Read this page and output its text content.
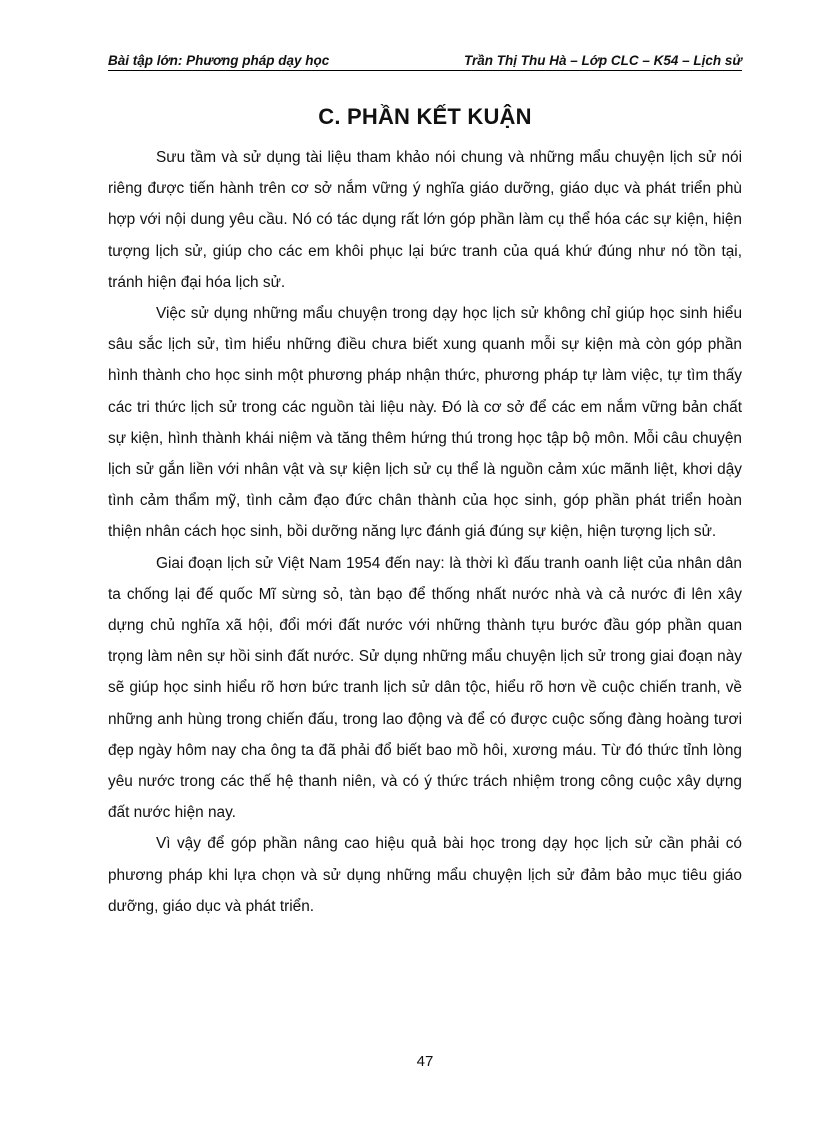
Bài tập lớn: Phương pháp dạy học	Trần Thị Thu Hà – Lớp CLC – K54 – Lịch sử
C. PHẦN KẾT KUẬN

Sưu tầm và sử dụng tài liệu tham khảo nói chung và những mẩu chuyện lịch sử nói riêng được tiến hành trên cơ sở nắm vững ý nghĩa giáo dưỡng, giáo dục và phát triển phù hợp với nội dung yêu cầu. Nó có tác dụng rất lớn góp phần làm cụ thể hóa các sự kiện, hiện tượng lịch sử, giúp cho các em khôi phục lại bức tranh của quá khứ đúng như nó tồn tại, tránh hiện đại hóa lịch sử.

Việc sử dụng những mẩu chuyện trong dạy học lịch sử không chỉ giúp học sinh hiểu sâu sắc lịch sử, tìm hiểu những điều chưa biết xung quanh mỗi sự kiện mà còn góp phần hình thành cho học sinh một phương pháp nhận thức, phương pháp tự làm việc, tự tìm thấy các tri thức lịch sử trong các nguồn tài liệu này. Đó là cơ sở để các em nắm vững bản chất sự kiện, hình thành khái niệm và tăng thêm hứng thú trong học tập bộ môn. Mỗi câu chuyện lịch sử gắn liền với nhân vật và sự kiện lịch sử cụ thể là nguồn cảm xúc mãnh liệt, khơi dậy tình cảm thẩm mỹ, tình cảm đạo đức chân thành của học sinh, góp phần phát triển hoàn thiện nhân cách học sinh, bồi dưỡng năng lực đánh giá đúng sự kiện, hiện tượng lịch sử.

Giai đoạn lịch sử Việt Nam 1954 đến nay: là thời kì đấu tranh oanh liệt của nhân dân ta chống lại đế quốc Mĩ sừng sỏ, tàn bạo để thống nhất nước nhà và cả nước đi lên xây dựng chủ nghĩa xã hội, đổi mới đất nước với những thành tựu bước đầu góp phần quan trọng làm nên sự hồi sinh đất nước. Sử dụng những mẩu chuyện lịch sử trong giai đoạn này sẽ giúp học sinh hiểu rõ hơn bức tranh lịch sử dân tộc, hiểu rõ hơn về cuộc chiến tranh, về những anh hùng trong chiến đấu, trong lao động và để có được cuộc sống đàng hoàng tươi đẹp ngày hôm nay cha ông ta đã phải đổ biết bao mồ hôi, xương máu. Từ đó thức tỉnh lòng yêu nước trong các thế hệ thanh niên, và có ý thức trách nhiệm trong công cuộc xây dựng đất nước hiện nay.

Vì vậy để góp phần nâng cao hiệu quả bài học trong dạy học lịch sử cần phải có phương pháp khi lựa chọn và sử dụng những mẩu chuyện lịch sử đảm bảo mục tiêu giáo dưỡng, giáo dục và phát triển.

47
